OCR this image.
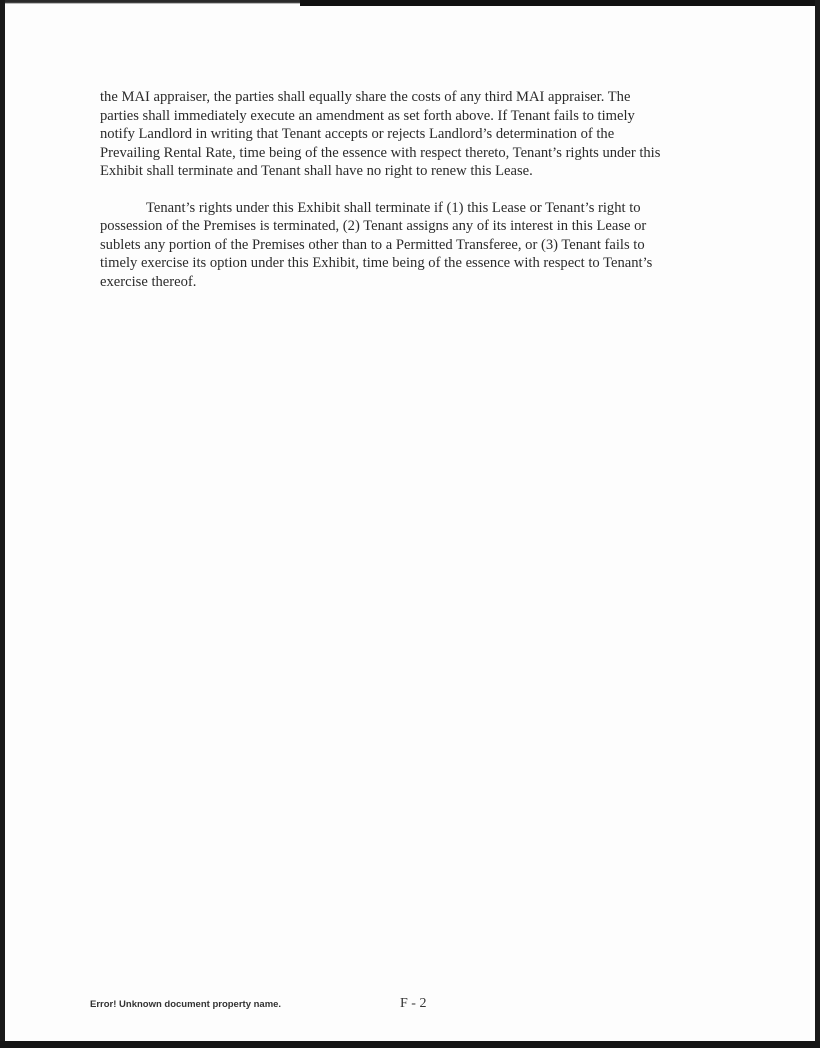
the MAI appraiser, the parties shall equally share the costs of any third MAI appraiser. The
parties shall immediately execute an amendment as set forth above. If Tenant fails to timely
notify Landlord in writing that Tenant accepts or rejects Landlord’s determination of the
Prevailing Rental Rate, time being of the essence with respect thereto, Tenant’s rights under this
Exhibit shall terminate and Tenant shall have no right to renew this Lease.

Tenant’s rights under this Exhibit shall terminate if (1) this Lease or Tenant’s right to
possession of the Premises is terminated, (2) Tenant assigns any of its interest in this Lease or
sublets any portion of the Premises other than to a Permitted Transferee, or (3) Tenant fails to
timely exercise its option under this Exhibit, time being of the essence with respect to Tenant’s
exercise thereof.

Error! Unknown document property name.	F - 2
